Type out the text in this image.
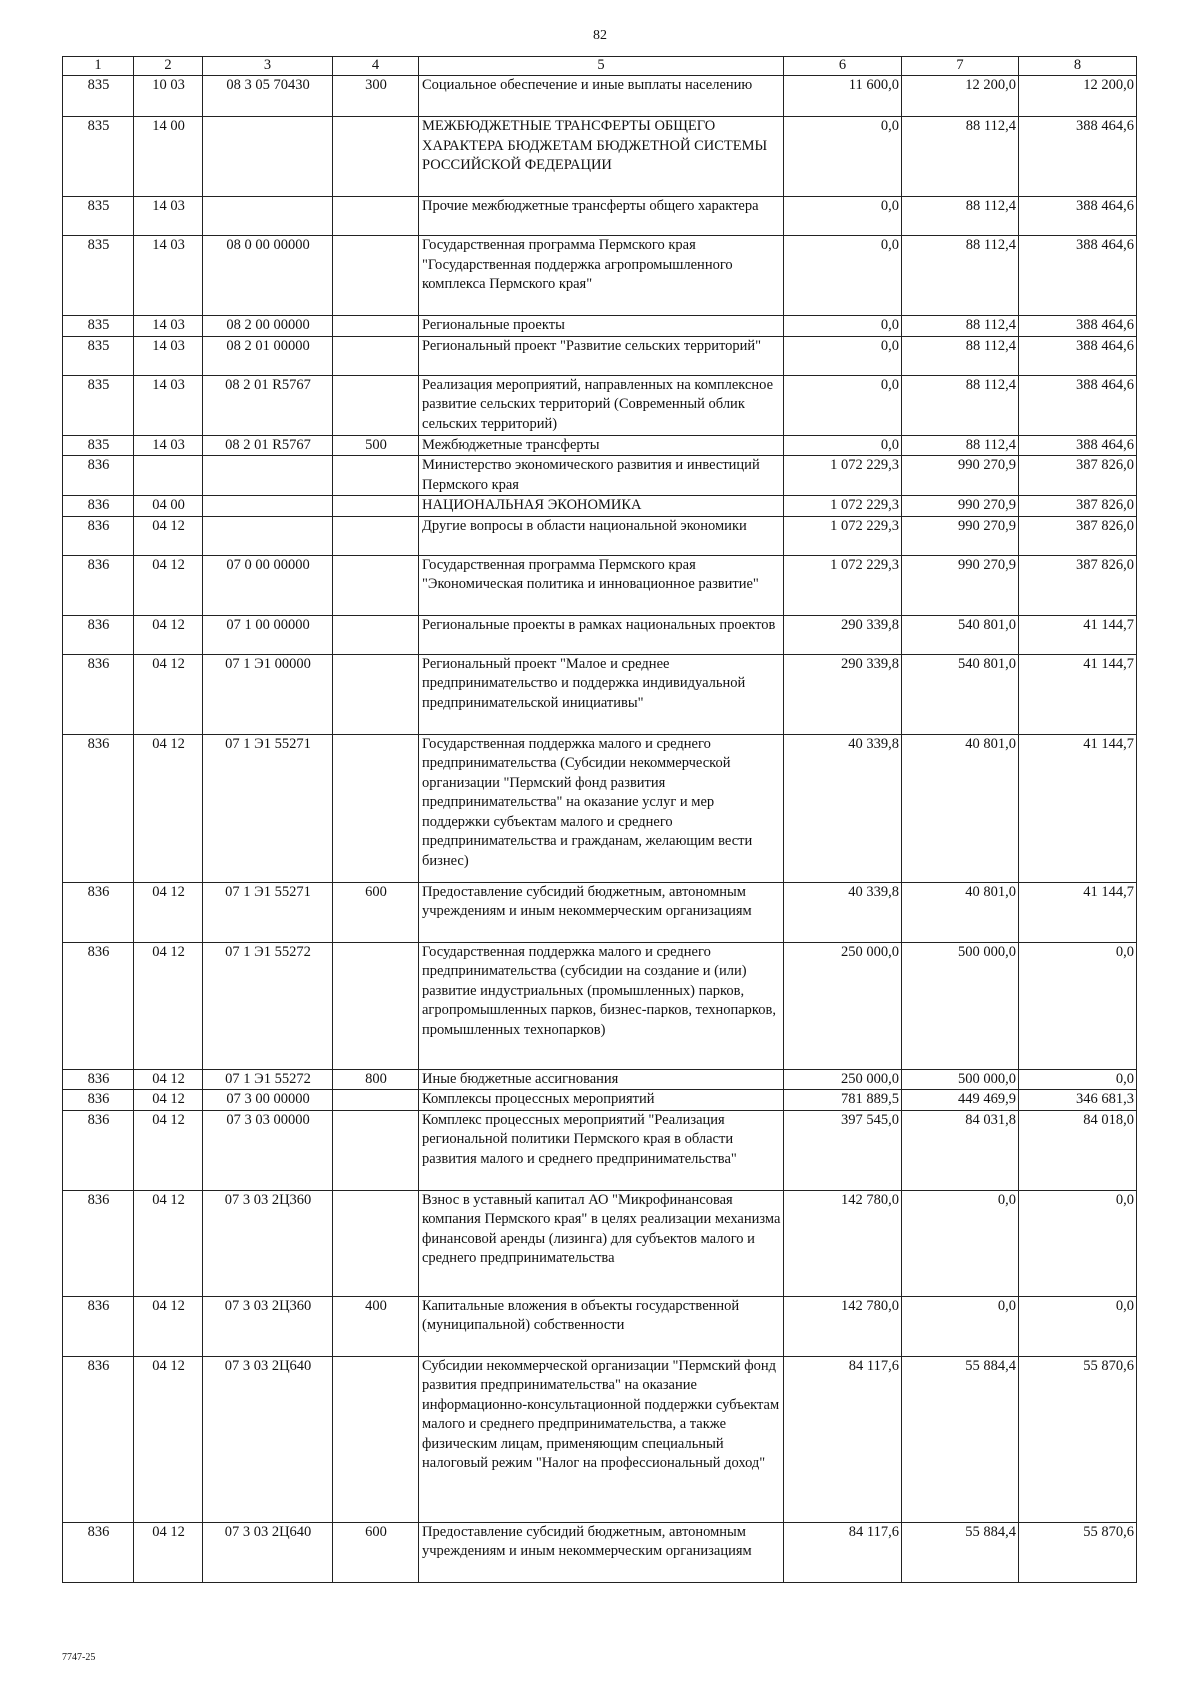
82
1	2	3	4	5	6	7	8
835	10 03	08 3 05 70430	300	Социальное обеспечение и иные выплаты населению	11 600,0	12 200,0	12 200,0
835	14 00			МЕЖБЮДЖЕТНЫЕ ТРАНСФЕРТЫ ОБЩЕГО ХАРАКТЕРА БЮДЖЕТАМ БЮДЖЕТНОЙ СИСТЕМЫ РОССИЙСКОЙ ФЕДЕРАЦИИ	0,0	88 112,4	388 464,6
835	14 03			Прочие межбюджетные трансферты общего характера	0,0	88 112,4	388 464,6
835	14 03	08 0 00 00000		Государственная программа Пермского края "Государственная поддержка агропромышленного комплекса Пермского края"	0,0	88 112,4	388 464,6
835	14 03	08 2 00 00000		Региональные проекты	0,0	88 112,4	388 464,6
835	14 03	08 2 01 00000		Региональный проект "Развитие сельских территорий"	0,0	88 112,4	388 464,6
835	14 03	08 2 01 R5767		Реализация мероприятий, направленных на комплексное развитие сельских территорий (Современный облик сельских территорий)	0,0	88 112,4	388 464,6
835	14 03	08 2 01 R5767	500	Межбюджетные трансферты	0,0	88 112,4	388 464,6
836				Министерство экономического развития и инвестиций Пермского края	1 072 229,3	990 270,9	387 826,0
836	04 00			НАЦИОНАЛЬНАЯ ЭКОНОМИКА	1 072 229,3	990 270,9	387 826,0
836	04 12			Другие вопросы в области национальной экономики	1 072 229,3	990 270,9	387 826,0
836	04 12	07 0 00 00000		Государственная программа Пермского края "Экономическая политика и инновационное развитие"	1 072 229,3	990 270,9	387 826,0
836	04 12	07 1 00 00000		Региональные проекты в рамках национальных проектов	290 339,8	540 801,0	41 144,7
836	04 12	07 1 Э1 00000		Региональный проект "Малое и среднее предпринимательство и поддержка индивидуальной предпринимательской инициативы"	290 339,8	540 801,0	41 144,7
836	04 12	07 1 Э1 55271		Государственная поддержка малого и среднего предпринимательства (Субсидии некоммерческой организации "Пермский фонд развития предпринимательства" на оказание услуг и мер поддержки субъектам малого и среднего предпринимательства и гражданам, желающим вести бизнес)	40 339,8	40 801,0	41 144,7
836	04 12	07 1 Э1 55271	600	Предоставление субсидий бюджетным, автономным учреждениям и иным некоммерческим организациям	40 339,8	40 801,0	41 144,7
836	04 12	07 1 Э1 55272		Государственная поддержка малого и среднего предпринимательства (субсидии на создание и (или) развитие индустриальных (промышленных) парков, агропромышленных парков, бизнес-парков, технопарков, промышленных технопарков)	250 000,0	500 000,0	0,0
836	04 12	07 1 Э1 55272	800	Иные бюджетные ассигнования	250 000,0	500 000,0	0,0
836	04 12	07 3 00 00000		Комплексы процессных мероприятий	781 889,5	449 469,9	346 681,3
836	04 12	07 3 03 00000		Комплекс процессных мероприятий "Реализация региональной политики Пермского края в области развития малого и среднего предпринимательства"	397 545,0	84 031,8	84 018,0
836	04 12	07 3 03 2Ц360		Взнос в уставный капитал АО "Микрофинансовая компания Пермского края" в целях реализации механизма финансовой аренды (лизинга) для субъектов малого и среднего предпринимательства	142 780,0	0,0	0,0
836	04 12	07 3 03 2Ц360	400	Капитальные вложения в объекты государственной (муниципальной) собственности	142 780,0	0,0	0,0
836	04 12	07 3 03 2Ц640		Субсидии некоммерческой организации "Пермский фонд развития предпринимательства" на оказание информационно-консультационной поддержки субъектам малого и среднего предпринимательства, а также физическим лицам, применяющим специальный налоговый режим "Налог на профессиональный доход"	84 117,6	55 884,4	55 870,6
836	04 12	07 3 03 2Ц640	600	Предоставление субсидий бюджетным, автономным учреждениям и иным некоммерческим организациям	84 117,6	55 884,4	55 870,6
7747-25
